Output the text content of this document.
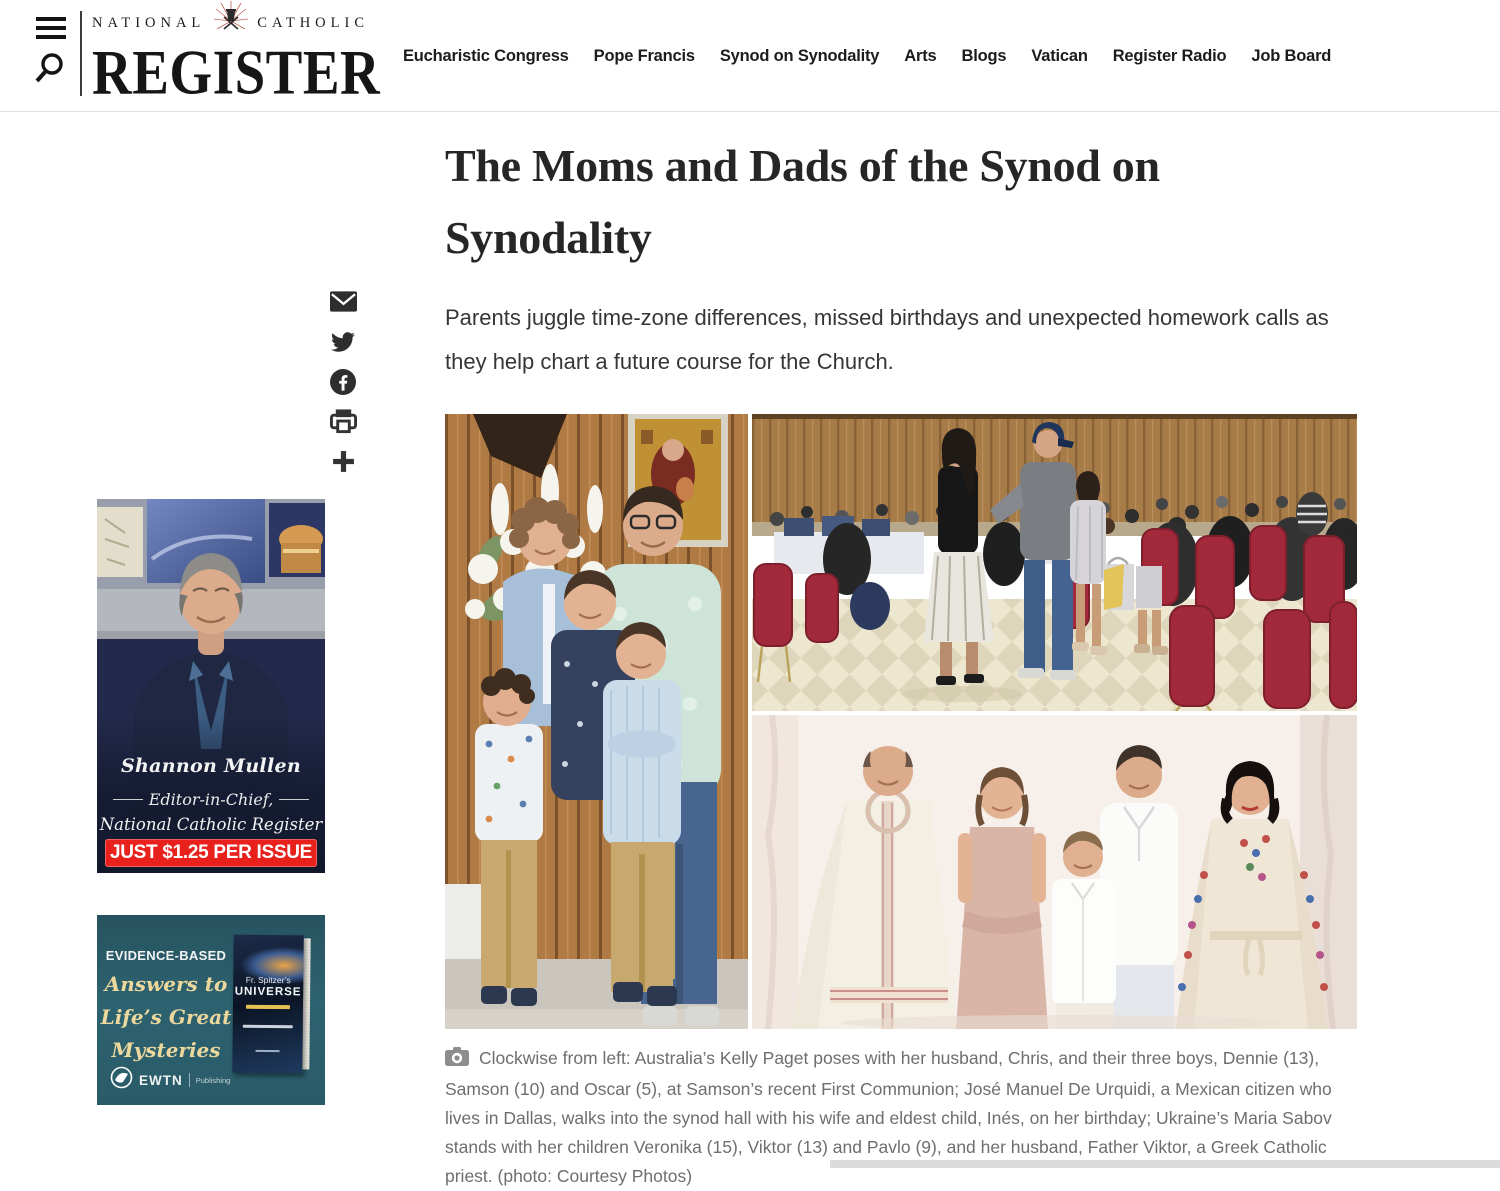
NATIONAL	CATHOLIC
REGISTER Eucharistic Congress Pope Francis Synod on Synodality Arts Blogs Vatican Register Radio Job Board
Shannon Mullen
Editor-in-Chief,
National Catholic Register
JUST $1.25 PER ISSUE
EVIDENCE-BASED
Answers to
Life’s Great
Mysteries
Fr. Spitzer’s
UNIVERSE
EWTN Publishing
The Moms and Dads of the Synod on Synodality

Parents juggle time-zone differences, missed birthdays and unexpected homework calls as they help chart a future course for the Church.

Clockwise from left: Australia’s Kelly Paget poses with her husband, Chris, and their three boys, Dennie (13), Samson (10) and Oscar (5), at Samson’s recent First Communion; José Manuel De Urquidi, a Mexican citizen who lives in Dallas, walks into the synod hall with his wife and eldest child, Inés, on her birthday; Ukraine’s Maria Sabov stands with her children Veronika (15), Viktor (13) and Pavlo (9), and her husband, Father Viktor, a Greek Catholic priest. (photo: Courtesy Photos)
